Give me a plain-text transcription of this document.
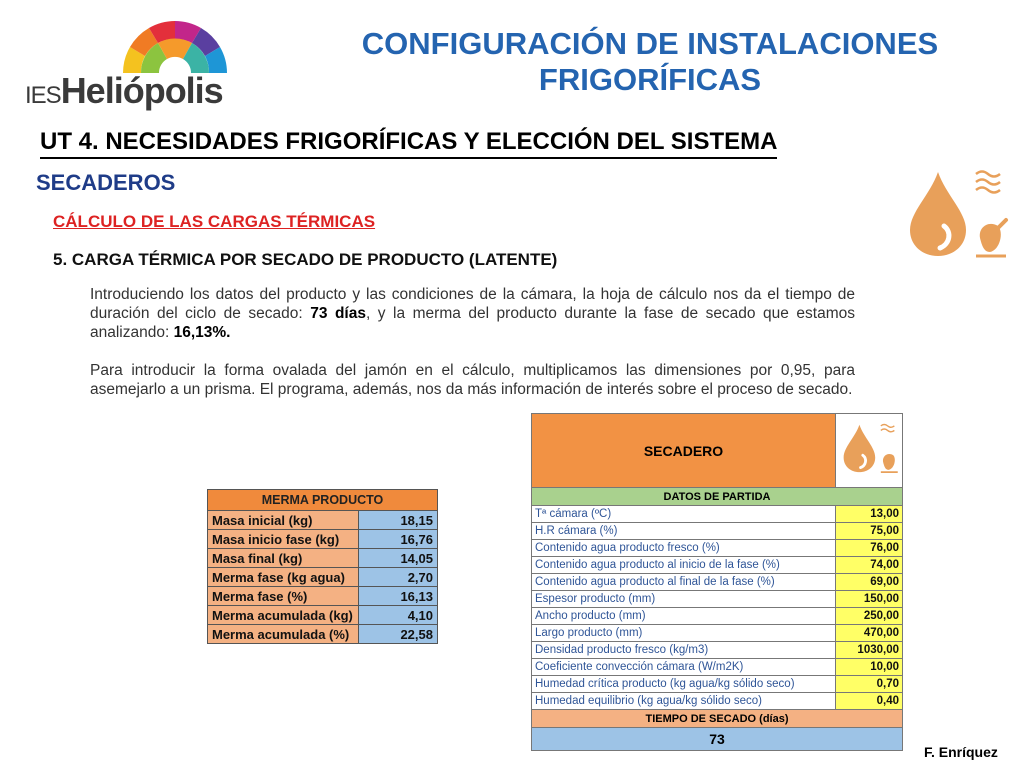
IESHeliópolis
CONFIGURACIÓN DE INSTALACIONES FRIGORÍFICAS
UT 4. NECESIDADES FRIGORÍFICAS Y ELECCIÓN DEL SISTEMA
SECADEROS
CÁLCULO DE LAS CARGAS TÉRMICAS
5. CARGA TÉRMICA POR SECADO DE PRODUCTO (LATENTE)

Introduciendo los datos del producto y las condiciones de la cámara, la hoja de cálculo nos da el tiempo de duración del ciclo de secado: 73 días, y la merma del producto durante la fase de secado que estamos analizando: 16,13%.

Para introducir la forma ovalada del jamón en el cálculo, multiplicamos las dimensiones por 0,95, para asemejarlo a un prisma. El programa, además, nos da más información de interés sobre el proceso de secado.

MERMA PRODUCTO	
Masa inicial (kg)	18,15
Masa inicio fase (kg)	16,76
Masa final (kg)	14,05
Merma fase (kg agua)	2,70
Merma fase (%)	16,13
Merma acumulada (kg)	4,10
Merma acumulada (%)	22,58
SECADERO	
DATOS DE PARTIDA	
Tª cámara (ºC)	13,00
H.R cámara (%)	75,00
Contenido agua producto fresco (%)	76,00
Contenido agua producto al inicio de la fase (%)	74,00
Contenido agua producto al final de la fase (%)	69,00
Espesor producto (mm)	150,00
Ancho producto (mm)	250,00
Largo producto (mm)	470,00
Densidad producto fresco (kg/m3)	1030,00
Coeficiente convección cámara (W/m2K)	10,00
Humedad crítica producto (kg agua/kg sólido seco)	0,70
Humedad equilibrio (kg agua/kg sólido seco)	0,40
TIEMPO DE SECADO (días)	
73	
F. Enríquez
